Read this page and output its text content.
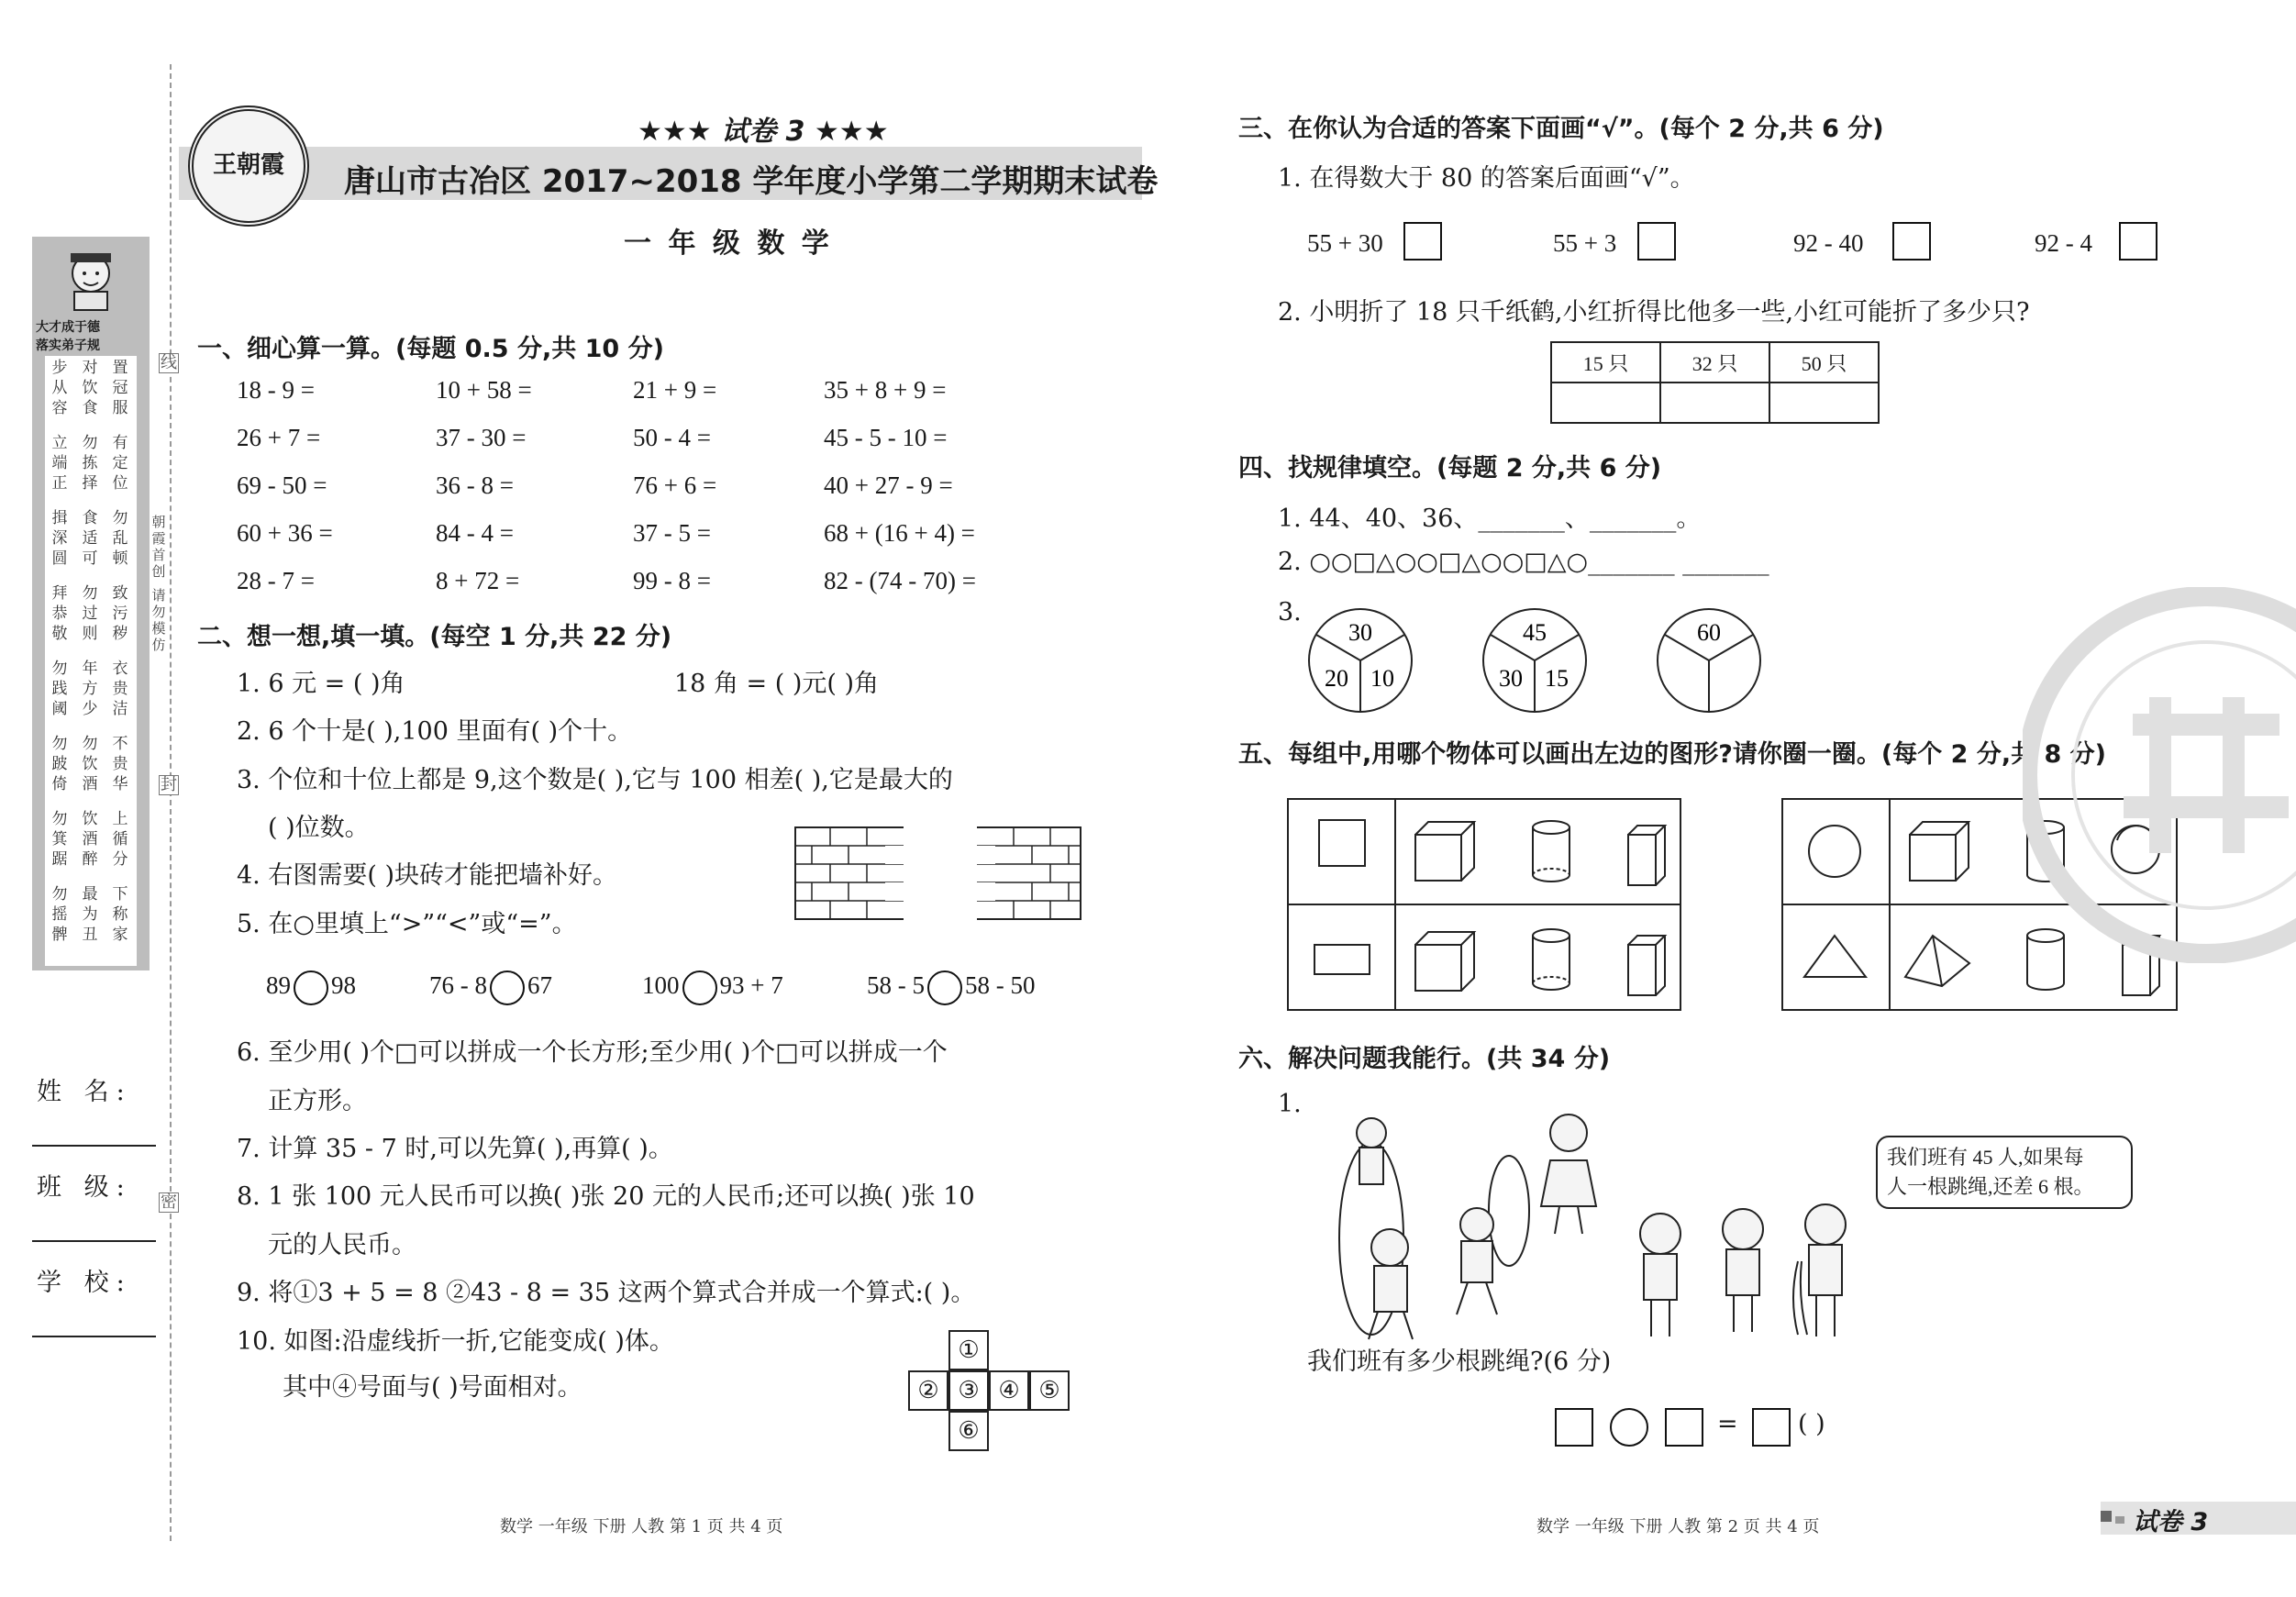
大才成于德
落实弟子规
步从容
对饮食
置冠服
立端正
勿拣择
有定位
揖深圆
食适可
勿乱顿
拜恭敬
勿过则
致污秽
勿践阈
年方少
衣贵洁
勿跛倚
勿饮酒
不贵华
勿箕踞
饮酒醉
上循分
勿摇髀
最为丑
下称家
线
封
密
朝
霞
首
创
请
勿
模
仿
姓 名:
班 级:
学 校:
王朝霞
★★★ 试卷 3 ★★★
唐山市古冶区 2017~2018 学年度小学第二学期期末试卷
一 年 级 数 学
一、细心算一算。(每题 0.5 分,共 10 分)
二、想一想,填一填。(每空 1 分,共 22 分)
1. 6 元 = ( )角	18 角 = ( )元( )角
2. 6 个十是( ),100 里面有( )个十。
3. 个位和十位上都是 9,这个数是( ),它与 100 相差( ),它是最大的
( )位数。
4. 右图需要( )块砖才能把墙补好。
5. 在○里填上“>”“<”或“=”。
6. 至少用( )个□可以拼成一个长方形;至少用( )个□可以拼成一个
正方形。
7. 计算 35 - 7 时,可以先算( ),再算( )。
8. 1 张 100 元人民币可以换( )张 20 元的人民币;还可以换( )张 10
元的人民币。
9. 将①3 + 5 = 8 ②43 - 8 = 35 这两个算式合并成一个算式:( )。
10. 如图:沿虚线折一折,它能变成( )体。
其中④号面与( )号面相对。
数学 一年级 下册 人教 第 1 页 共 4 页
三、在你认为合适的答案下面画“√”。(每个 2 分,共 6 分)
1. 在得数大于 80 的答案后面画“√”。
2. 小明折了 18 只千纸鹤,小红折得比他多一些,小红可能折了多少只?
15 只	32 只	50 只

四、找规律填空。(每题 2 分,共 6 分)
1. 44、40、36、_______、_______。
2. ○○□△○○□△○○□△○_______ _______
3.
五、每组中,用哪个物体可以画出左边的图形?请你圈一圈。(每个 2 分,共 8 分)
六、解决问题我能行。(共 34 分)
1.
我们班有 45 人,如果每
人一根跳绳,还差 6 根。
我们班有多少根跳绳?(6 分)
= ( )
数学 一年级 下册 人教 第 2 页 共 4 页	试卷 3
18 - 9 =	10 + 58 =	21 + 9 =	35 + 8 + 9 =
26 + 7 =	37 - 30 =	50 - 4 =	45 - 5 - 10 =
69 - 50 =	36 - 8 =	76 + 6 =	40 + 27 - 9 =
60 + 36 =	84 - 4 =	37 - 5 =	68 + (16 + 4) =
28 - 7 =	8 + 72 =	99 - 8 =	82 - (74 - 70) =
89 98	76 - 8 67	100 93 + 7	58 - 5 58 - 50
①
② ③ ④ ⑤
⑥
55 + 30	55 + 3	92 - 40	92 - 4
30
20 10
45
30 15
60
